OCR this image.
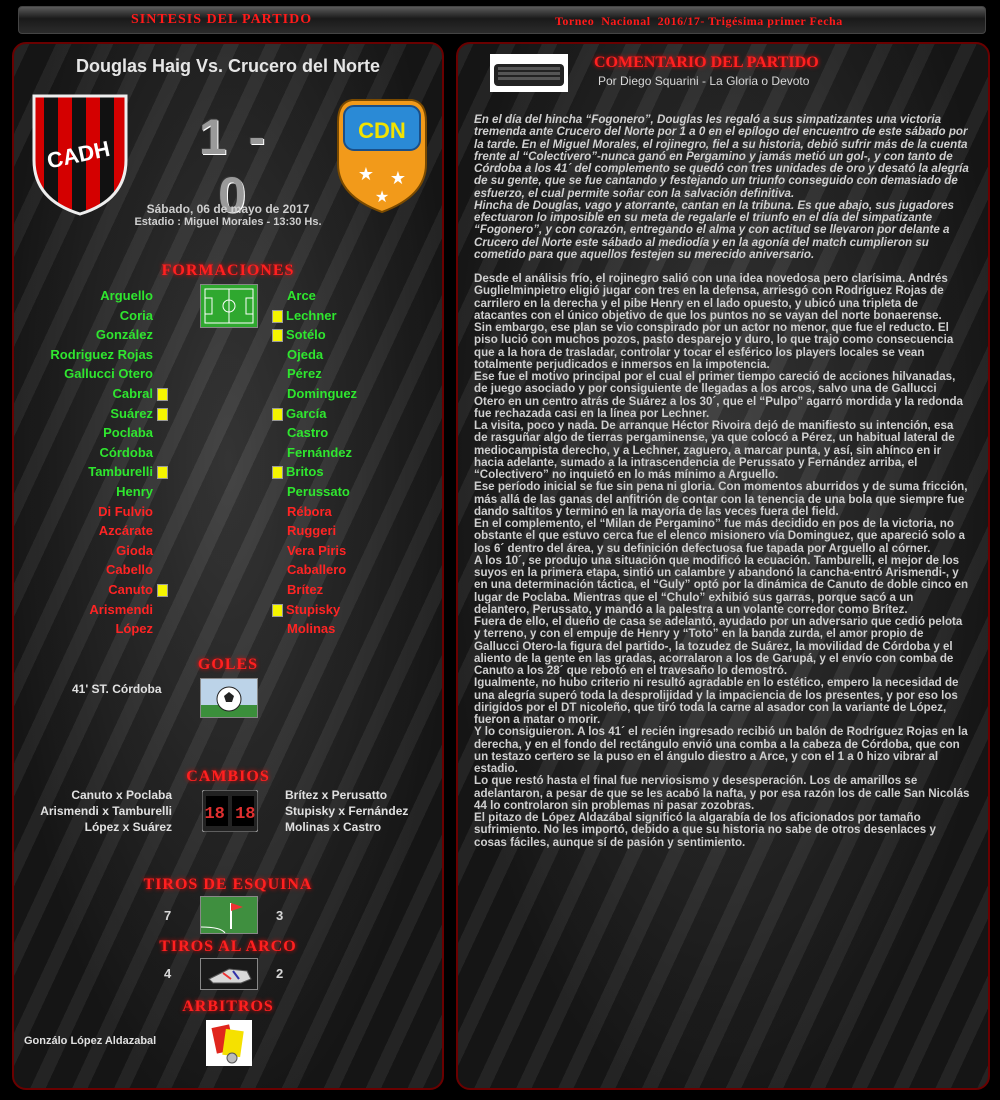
SINTESIS DEL PARTIDO	Torneo  Nacional  2016/17- Trigésima primer Fecha
Douglas Haig Vs. Crucero del Norte
CADH	1 - 0
CDN
★ ★
★
Sábado, 06 de mayo de 2017
Estadio : Miguel Morales - 13:30 Hs.
FORMACIONES
Arguello
Coria
González
Rodriguez Rojas
Gallucci Otero
Cabral
Suárez
Poclaba
Córdoba
Tamburelli
Henry
Di Fulvio
Azcárate
Gioda
Cabello
Canuto
Arismendi
López
Arce
Lechner
Sotélo
Ojeda
Pérez
Dominguez
García
Castro
Fernández
Britos
Perussato
Rébora
Ruggeri
Vera Piris
Caballero
Brítez
Stupisky
Molinas
GOLES
41' ST. Córdoba
CAMBIOS
Canuto x Poclaba
Arismendi x Tamburelli
López x Suárez
18 18
Brítez x Perusatto
Stupisky x Fernández
Molinas x Castro
TIROS DE ESQUINA
7	3
TIROS AL ARCO
4	2
ARBITROS
Gonzálo López Aldazabal
COMENTARIO DEL PARTIDO
Por Diego Squarini - La Gloria o Devoto

En el día del hincha “Fogonero”, Douglas les regaló a sus simpatizantes una victoria tremenda ante Crucero del Norte por 1 a 0 en el epílogo del encuentro de este sábado por la tarde. En el Miguel Morales, el rojinegro, fiel a su historia, debió sufrir más de la cuenta frente al “Colectivero”-nunca ganó en Pergamino y jamás metió un gol-, y con tanto de Córdoba a los 41´ del complemento se quedó con tres unidades de oro y desató la alegría de su gente, que se fue cantando y festejando un triunfo conseguido con demasiado de esfuerzo, el cual permite soñar con la salvación definitiva.

Hincha de Douglas, vago y atorrante, cantan en la tribuna. Es que abajo, sus jugadores efectuaron lo imposible en su meta de regalarle el triunfo en el día del simpatizante “Fogonero”, y con corazón, entregando el alma y con actitud se llevaron por delante a Crucero del Norte este sábado al mediodía y en la agonía del match cumplieron su cometido para que aquellos festejen su merecido aniversario.

Desde el análisis frío, el rojinegro salió con una idea novedosa pero clarísima. Andrés Guglielminpietro eligió jugar con tres en la defensa, arriesgó con Rodríguez Rojas de carrilero en la derecha y el pibe Henry en el lado opuesto, y ubicó una tripleta de atacantes con el único objetivo de que los puntos no se vayan del norte bonaerense.

Sin embargo, ese plan se vio conspirado por un actor no menor, que fue el reducto. El piso lució con muchos pozos, pasto desparejo y duro, lo que trajo como consecuencia que a la hora de trasladar, controlar y tocar el esférico los players locales se vean totalmente perjudicados e inmersos en la impotencia.

Ese fue el motivo principal por el cual el primer tiempo careció de acciones hilvanadas, de juego asociado y por consiguiente de llegadas a los arcos, salvo una de Gallucci Otero en un centro atrás de Suárez a los 30´, que el “Pulpo” agarró mordida y la redonda fue rechazada casi en la línea por Lechner.

La visita, poco y nada. De arranque Héctor Rivoira dejó de manifiesto su intención, esa de rasguñar algo de tierras pergaminense, ya que colocó a Pérez, un habitual lateral de mediocampista derecho, y a Lechner, zaguero, a marcar punta, y así, sin ahínco en ir hacia adelante, sumado a la intrascendencia de Perussato y Fernández arriba, el “Colectivero” no inquietó en lo más mínimo a Arguello.

Ese período inicial se fue sin pena ni gloria. Con momentos aburridos y de suma fricción, más allá de las ganas del anfitrión de contar con la tenencia de una bola que siempre fue dando saltitos y terminó en la mayoría de las veces fuera del field.

En el complemento, el “Milan de Pergamino” fue más decidido en pos de la victoria, no obstante el que estuvo cerca fue el elenco misionero vía Dominguez, que apareció solo a los 6´ dentro del área, y su definición defectuosa fue tapada por Arguello al córner.

A los 10´, se produjo una situación que modificó la ecuación. Tamburelli, el mejor de los suyos en la primera etapa, sintió un calambre y abandonó la cancha-entró Arismendi-, y en una determinación táctica, el “Guly” optó por la dinámica de Canuto de doble cinco en lugar de Poclaba. Mientras que el “Chulo” exhibió sus garras, porque sacó a un delantero, Perussato, y mandó a la palestra a un volante corredor como Brítez.

Fuera de ello, el dueño de casa se adelantó, ayudado por un adversario que cedió pelota y terreno, y con el empuje de Henry y “Toto” en la banda zurda, el amor propio de Gallucci Otero-la figura del partido-, la tozudez de Suárez, la movilidad de Córdoba y el aliento de la gente en las gradas, acorralaron a los de Garupá, y el envío con comba de Canuto a los 28´ que rebotó en el travesaño lo demostró.

Igualmente, no hubo criterio ni resultó agradable en lo estético, empero la necesidad de una alegría superó toda la desprolijidad y la impaciencia de los presentes, y por eso los dirigidos por el DT nicoleño, que tiró toda la carne al asador con la variante de López, fueron a matar o morir.

Y lo consiguieron. A los 41´ el recién ingresado recibió un balón de Rodríguez Rojas en la derecha, y en el fondo del rectángulo envió una comba a la cabeza de Córdoba, que con un testazo certero se la puso en el ángulo diestro a Arce, y con el 1 a 0 hizo vibrar al estadio.

Lo que restó hasta el final fue nerviosismo y desesperación. Los de amarillos se adelantaron, a pesar de que se les acabó la nafta, y por esa razón los de calle San Nicolás 44 lo controlaron sin problemas ni pasar zozobras.

El pitazo de López Aldazábal significó la algarabía de los aficionados por tamaño sufrimiento. No les importó, debido a que su historia no sabe de otros desenlaces y cosas fáciles, aunque sí de pasión y sentimiento.
